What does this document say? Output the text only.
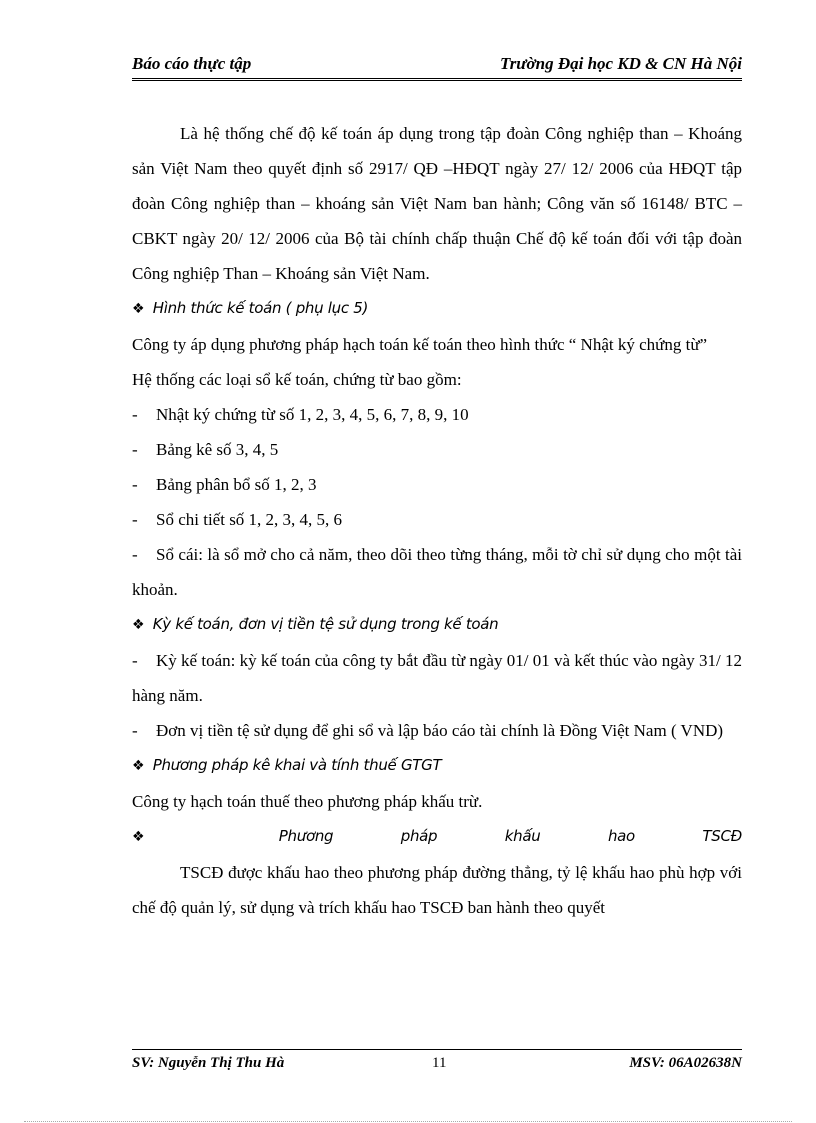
Báo cáo thực tập	Trường Đại học KD & CN Hà Nội

Là hệ thống chế độ kế toán áp dụng trong tập đoàn Công nghiệp than – Khoáng sản Việt Nam theo quyết định số 2917/ QĐ –HĐQT ngày 27/ 12/ 2006 của HĐQT tập đoàn Công nghiệp than – khoáng sản Việt Nam ban hành; Công văn số 16148/ BTC – CBKT ngày 20/ 12/ 2006 của Bộ tài chính chấp thuận Chế độ kế toán đối với tập đoàn Công nghiệp Than – Khoáng sản Việt Nam.

❖ Hình thức kế toán ( phụ lục 5)

Công ty áp dụng phương pháp hạch toán kế toán theo hình thức “ Nhật ký chứng từ”

Hệ thống các loại sổ kế toán, chứng từ bao gồm:

-	Nhật ký chứng từ số 1, 2, 3, 4, 5, 6, 7, 8, 9, 10
-	Bảng kê số 3, 4, 5
-	Bảng phân bổ số 1, 2, 3
-	Sổ chi tiết số 1, 2, 3, 4, 5, 6

- Sổ cái: là sổ mở cho cả năm, theo dõi theo từng tháng, mỗi tờ chỉ sử dụng cho một tài khoản.

❖ Kỳ kế toán, đơn vị tiền tệ sử dụng trong kế toán

- Kỳ kế toán: kỳ kế toán của công ty bắt đầu từ ngày 01/ 01 và kết thúc vào ngày 31/ 12 hàng năm.

- Đơn vị tiền tệ sử dụng để ghi sổ và lập báo cáo tài chính là Đồng Việt Nam ( VND)

❖ Phương pháp kê khai và tính thuế GTGT

Công ty hạch toán thuế theo phương pháp khấu trừ.

❖	Phương pháp khấu hao TSCĐ

TSCĐ được khấu hao theo phương pháp đường thẳng, tỷ lệ khấu hao phù hợp với chế độ quản lý, sử dụng và trích khấu hao TSCĐ ban hành theo quyết

SV: Nguyễn Thị Thu Hà	11	MSV: 06A02638N
